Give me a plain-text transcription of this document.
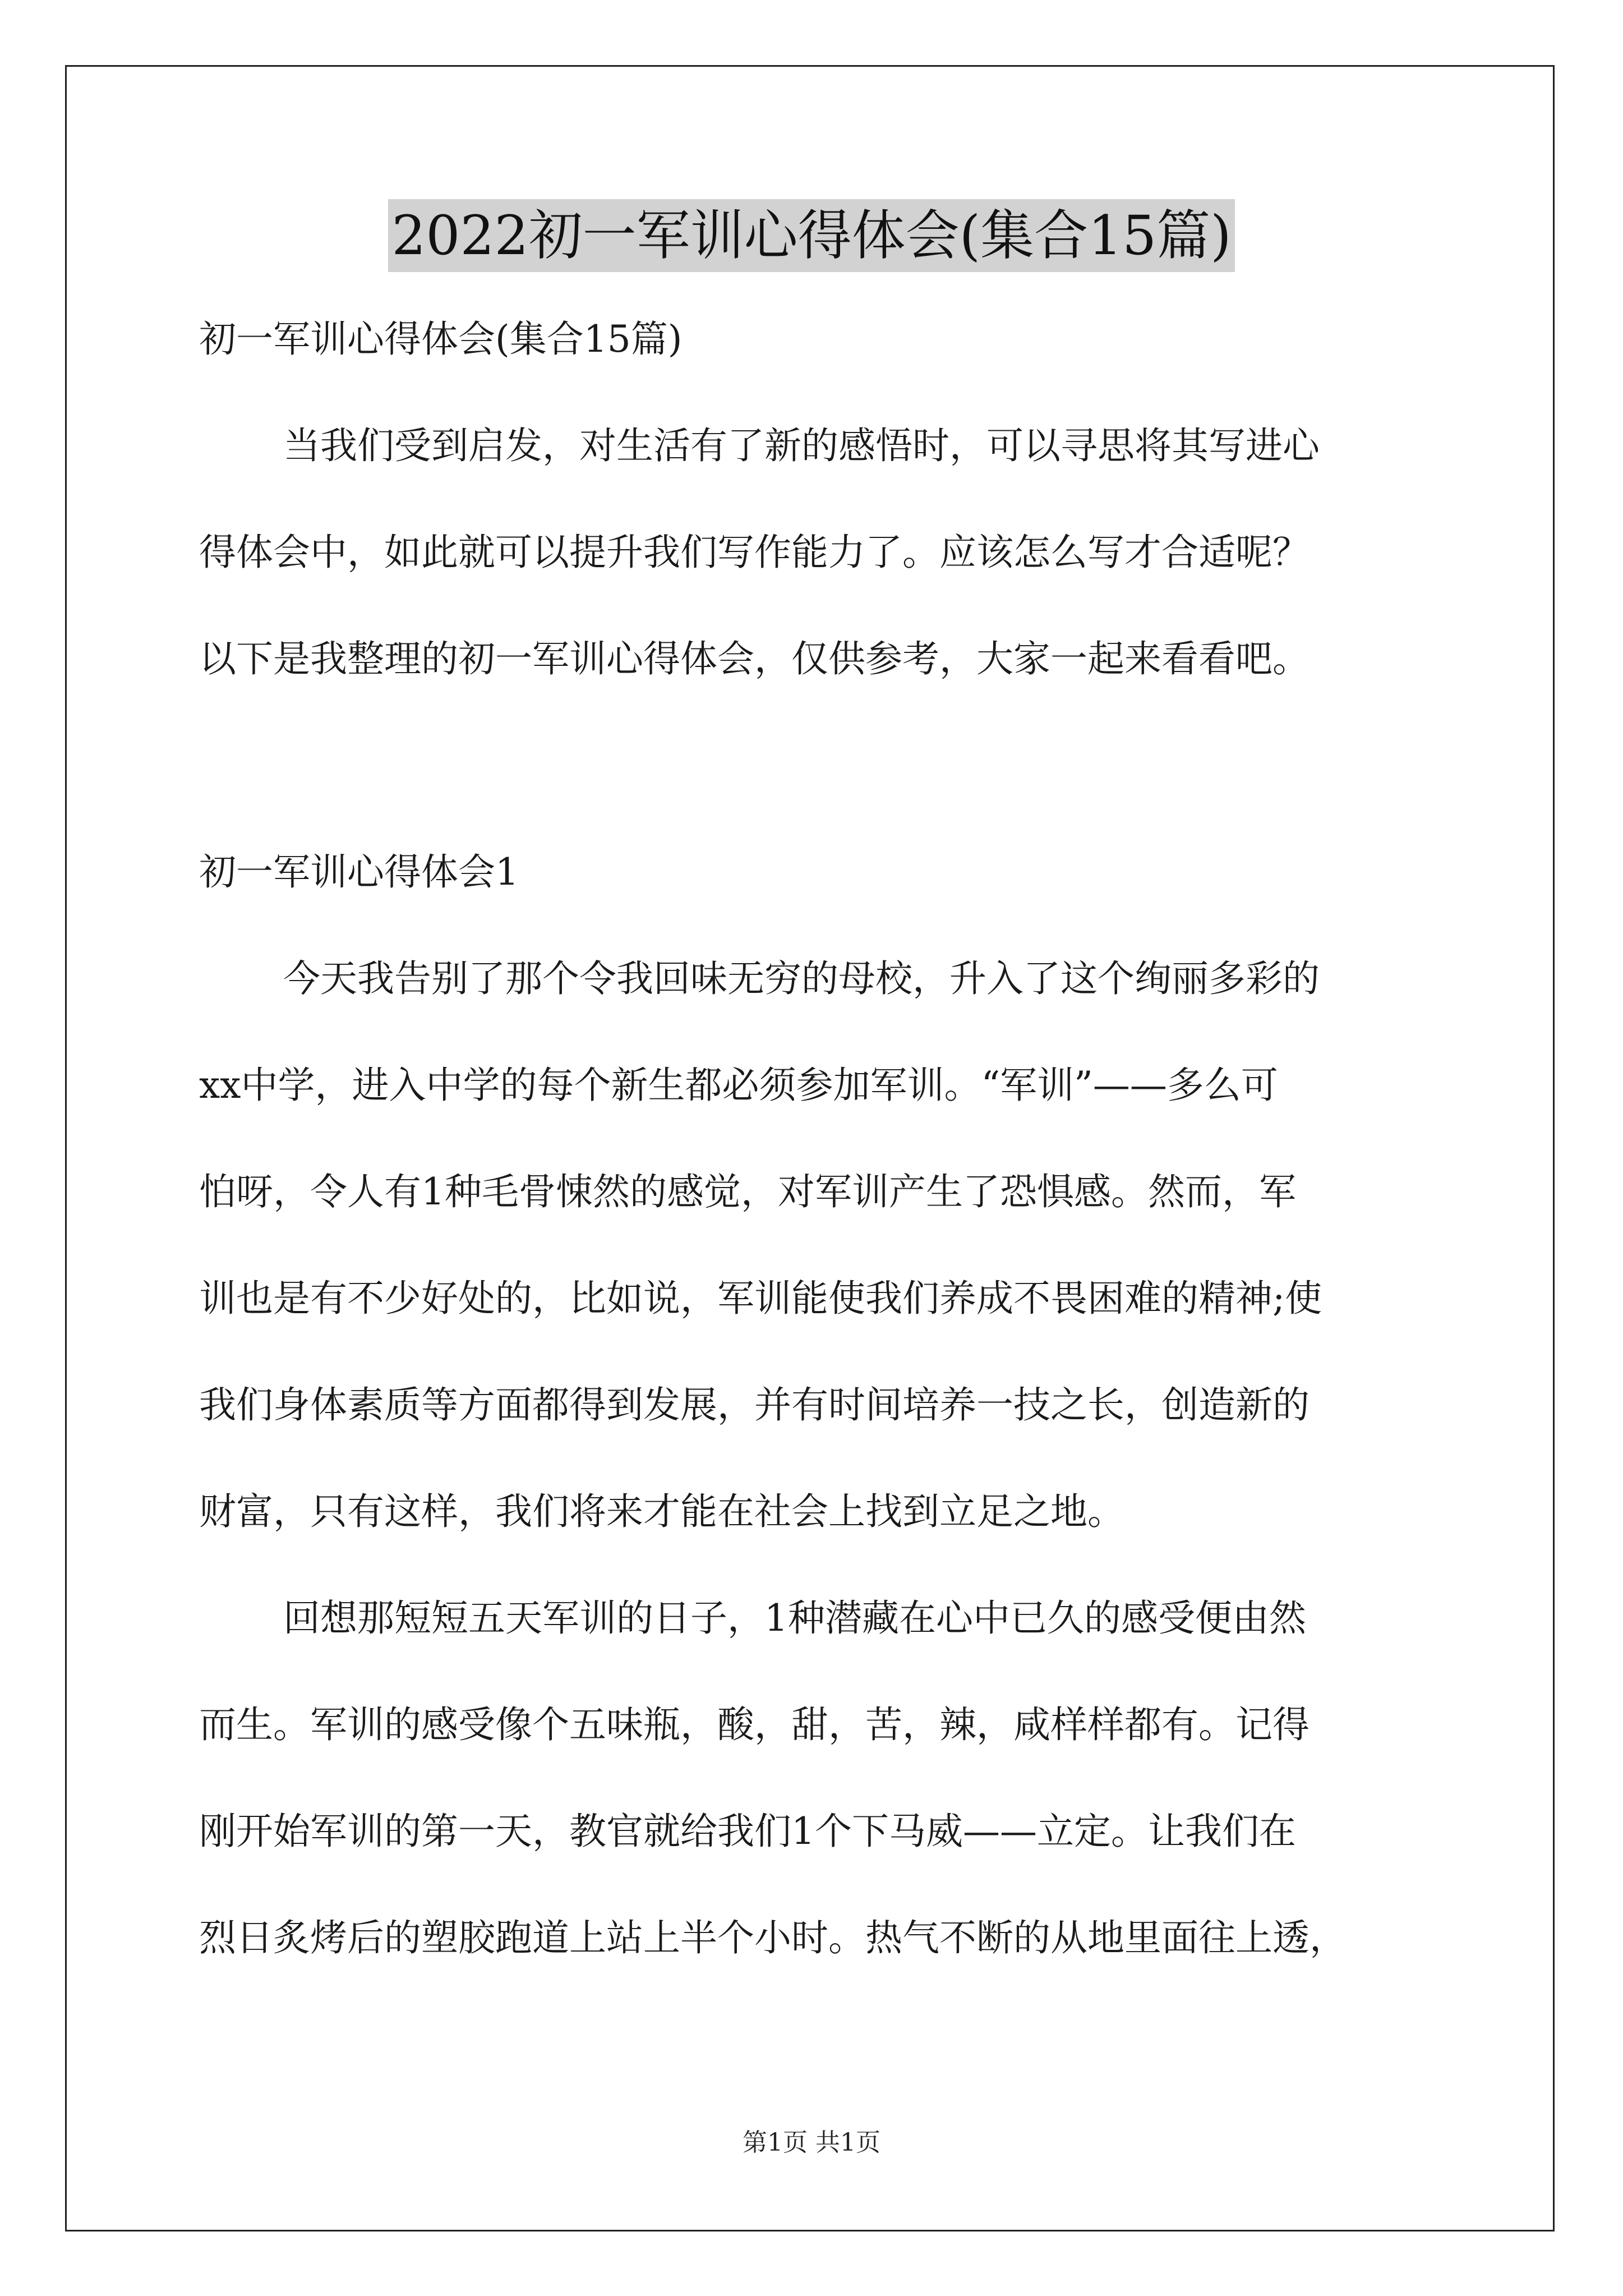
2022初一军训心得体会(集合15篇)
初一军训心得体会(集合15篇)
当我们受到启发，对生活有了新的感悟时，可以寻思将其写进心
得体会中，如此就可以提升我们写作能力了。应该怎么写才合适呢？
以下是我整理的初一军训心得体会，仅供参考，大家一起来看看吧。
初一军训心得体会1
今天我告别了那个令我回味无穷的母校，升入了这个绚丽多彩的
xx中学，进入中学的每个新生都必须参加军训。“军训”——多么可
怕呀，令人有1种毛骨悚然的感觉，对军训产生了恐惧感。然而，军
训也是有不少好处的，比如说，军训能使我们养成不畏困难的精神;使
我们身体素质等方面都得到发展，并有时间培养一技之长，创造新的
财富，只有这样，我们将来才能在社会上找到立足之地。
回想那短短五天军训的日子，1种潜藏在心中已久的感受便由然
而生。军训的感受像个五味瓶，酸，甜，苦，辣，咸样样都有。记得
刚开始军训的第一天，教官就给我们1个下马威——立定。让我们在
烈日炙烤后的塑胶跑道上站上半个小时。热气不断的从地里面往上透，
第1页 共1页
